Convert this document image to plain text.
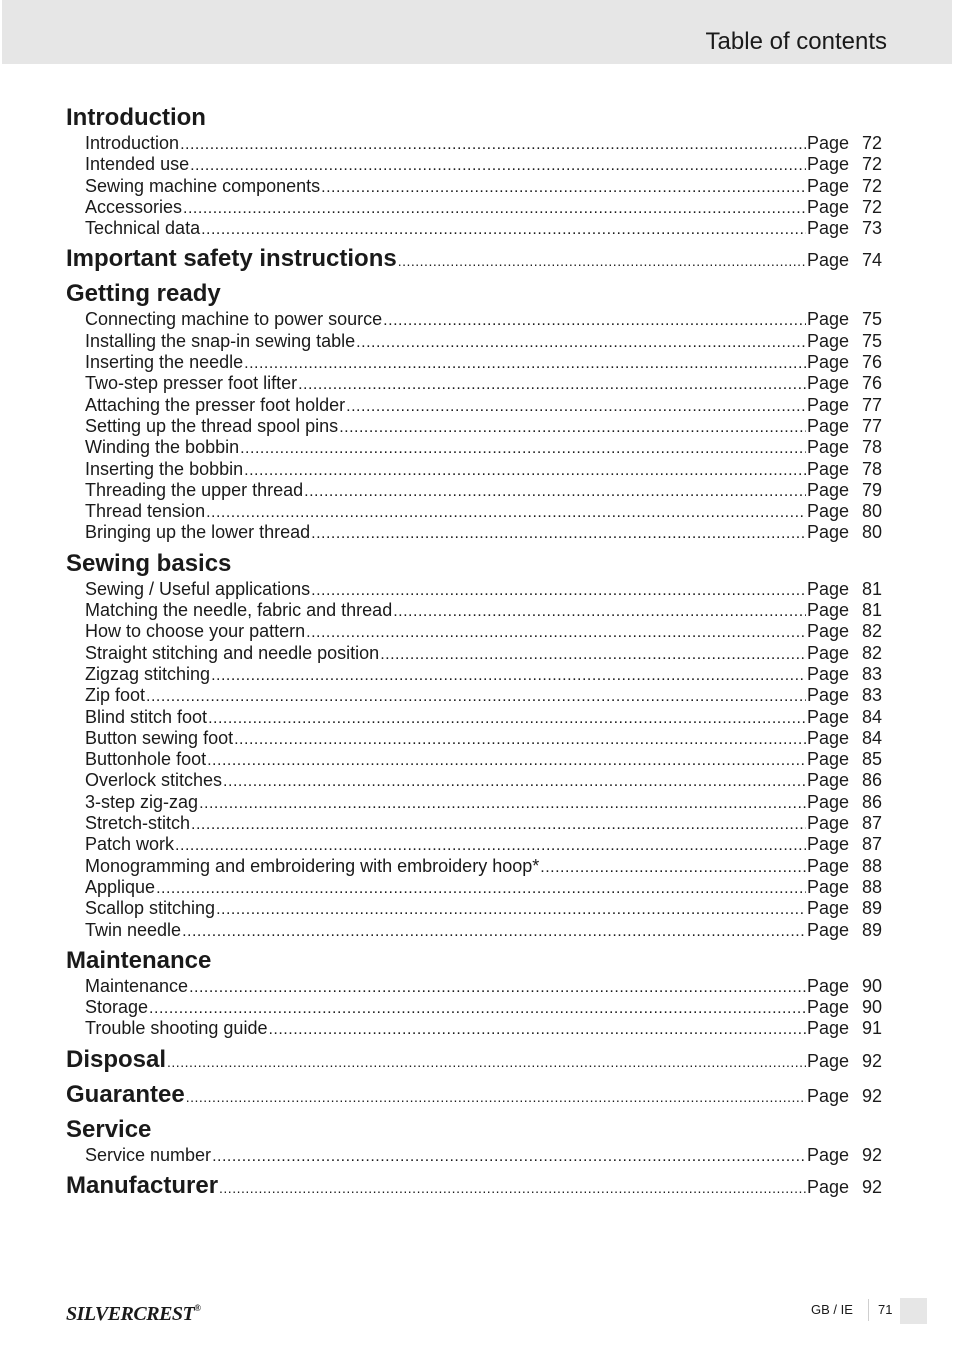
Table of contents
Introduction
Introduction .....	Page 72
Intended use .....	Page 72
Sewing machine components .....	Page 72
Accessories .....	Page 72
Technical data .....	Page 73
Important safety instructions .....	Page 74
Getting ready
Connecting machine to power source .....	Page 75
Installing the snap-in sewing table .....	Page 75
Inserting the needle .....	Page 76
Two-step presser foot lifter .....	Page 76
Attaching the presser foot holder .....	Page 77
Setting up the thread spool pins .....	Page 77
Winding the bobbin .....	Page 78
Inserting the bobbin .....	Page 78
Threading the upper thread .....	Page 79
Thread tension .....	Page 80
Bringing up the lower thread .....	Page 80
Sewing basics
Sewing / Useful applications .....	Page 81
Matching the needle, fabric and thread .....	Page 81
How to choose your pattern .....	Page 82
Straight stitching and needle position .....	Page 82
Zigzag stitching .....	Page 83
Zip foot .....	Page 83
Blind stitch foot .....	Page 84
Button sewing foot .....	Page 84
Buttonhole foot .....	Page 85
Overlock stitches .....	Page 86
3-step zig-zag .....	Page 86
Stretch-stitch .....	Page 87
Patch work .....	Page 87
Monogramming and embroidering with embroidery hoop* .....	Page 88
Applique .....	Page 88
Scallop stitching .....	Page 89
Twin needle .....	Page 89
Maintenance
Maintenance .....	Page 90
Storage .....	Page 90
Trouble shooting guide .....	Page 91
Disposal .....	Page 92
Guarantee .....	Page 92
Service
Service number .....	Page 92
Manufacturer .....	Page 92
SILVERCREST®	GB / IE 71
